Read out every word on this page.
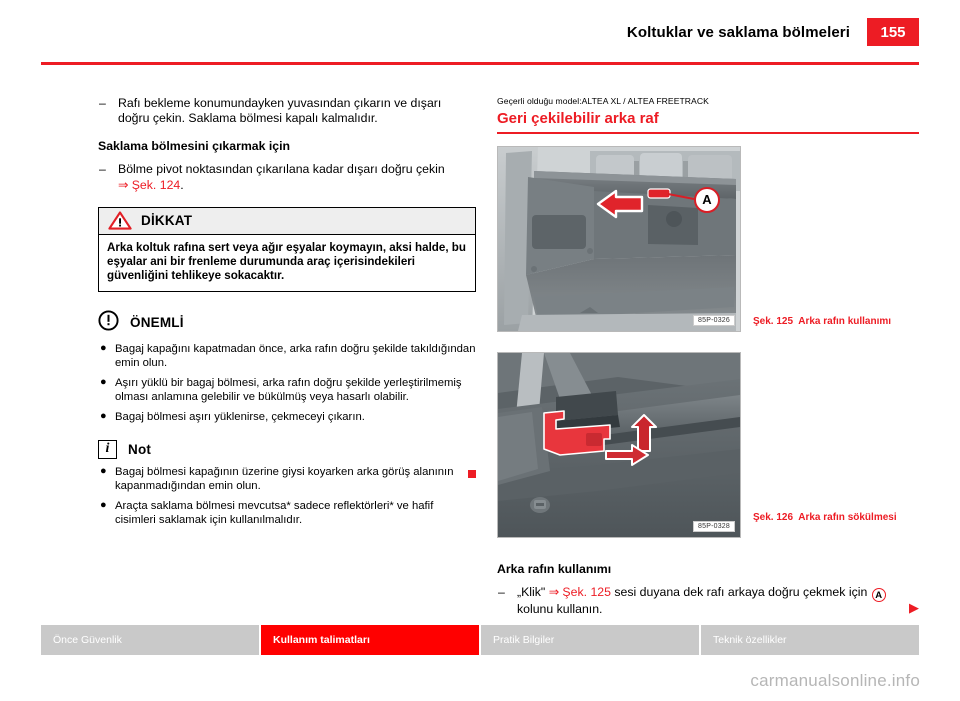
Koltuklar ve saklama bölmeleri	155
– Rafı bekleme konumundayken yuvasından çıkarın ve dışarı doğru çekin. Saklama bölmesi kapalı kalmalıdır.
Saklama bölmesini çıkarmak için
– Bölme pivot noktasından çıkarılana kadar dışarı doğru çekin ⇒ Şek. 124.
DİKKAT
Arka koltuk rafına sert veya ağır eşyalar koymayın, aksi halde, bu eşyalar ani bir frenleme durumunda araç içerisindekileri güvenliğini tehlikeye sokacaktır.
ÖNEMLİ
● Bagaj kapağını kapatmadan önce, arka rafın doğru şekilde takıldığından emin olun.
● Aşırı yüklü bir bagaj bölmesi, arka rafın doğru şekilde yerleştirilmemiş olması anlamına gelebilir ve bükülmüş veya hasarlı olabilir.
● Bagaj bölmesi aşırı yüklenirse, çekmeceyi çıkarın.
i	Not
● Bagaj bölmesi kapağının üzerine giysi koyarken arka görüş alanının kapanmadığından emin olun.
● Araçta saklama bölmesi mevcutsa* sadece reflektörleri* ve hafif cisimleri saklamak için kullanılmalıdır.
Geçerli olduğu model:ALTEA XL / ALTEA FREETRACK
Geri çekilebilir arka raf
85P-0326
A
Şek. 125 Arka rafın kullanımı
85P-0328
Şek. 126 Arka rafın sökülmesi
Arka rafın kullanımı
– „Klik" ⇒ Şek. 125 sesi duyana dek rafı arkaya doğru çekmek için A kolunu kullanın.	▶
Önce Güvenlik	Kullanım talimatları	Pratik Bilgiler	Teknik özellikler
carmanualsonline.info
